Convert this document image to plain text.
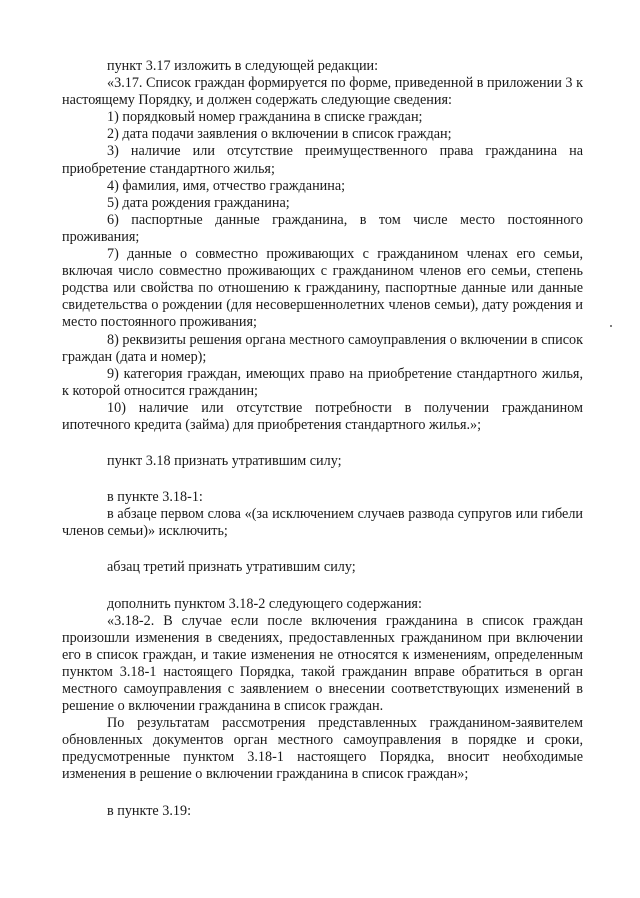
пункт 3.17 изложить в следующей редакции:

«3.17. Список граждан формируется по форме, приведенной в приложении 3 к настоящему Порядку, и должен содержать следующие сведения:

1) порядковый номер гражданина в списке граждан;

2) дата подачи заявления о включении в список граждан;

3) наличие или отсутствие преимущественного права гражданина на приобретение стандартного жилья;

4) фамилия, имя, отчество гражданина;

5) дата рождения гражданина;

6) паспортные данные гражданина, в том числе место постоянного проживания;

7) данные о совместно проживающих с гражданином членах его семьи, включая число совместно проживающих с гражданином членов его семьи, степень родства или свойства по отношению к гражданину, паспортные данные или данные свидетельства о рождении (для несовершеннолетних членов семьи), дату рождения и место постоянного проживания;

8) реквизиты решения органа местного самоуправления о включении в список граждан (дата и номер);

9) категория граждан, имеющих право на приобретение стандартного жилья, к которой относится гражданин;

10) наличие или отсутствие потребности в получении гражданином ипотечного кредита (займа) для приобретения стандартного жилья.»;

пункт 3.18 признать утратившим силу;

в пункте 3.18-1:

в абзаце первом слова «(за исключением случаев развода супругов или гибели членов семьи)» исключить;

абзац третий признать утратившим силу;

дополнить пунктом 3.18-2 следующего содержания:

«3.18-2. В случае если после включения гражданина в список граждан произошли изменения в сведениях, предоставленных гражданином при включении его в список граждан, и такие изменения не относятся к изменениям, определенным пунктом 3.18-1 настоящего Порядка, такой гражданин вправе обратиться в орган местного самоуправления с заявлением о внесении соответствующих изменений в решение о включении гражданина в список граждан.

По результатам рассмотрения представленных гражданином-заявителем обновленных документов орган местного самоуправления в порядке и сроки, предусмотренные пунктом 3.18-1 настоящего Порядка, вносит необходимые изменения в решение о включении гражданина в список граждан»;

в пункте 3.19:
